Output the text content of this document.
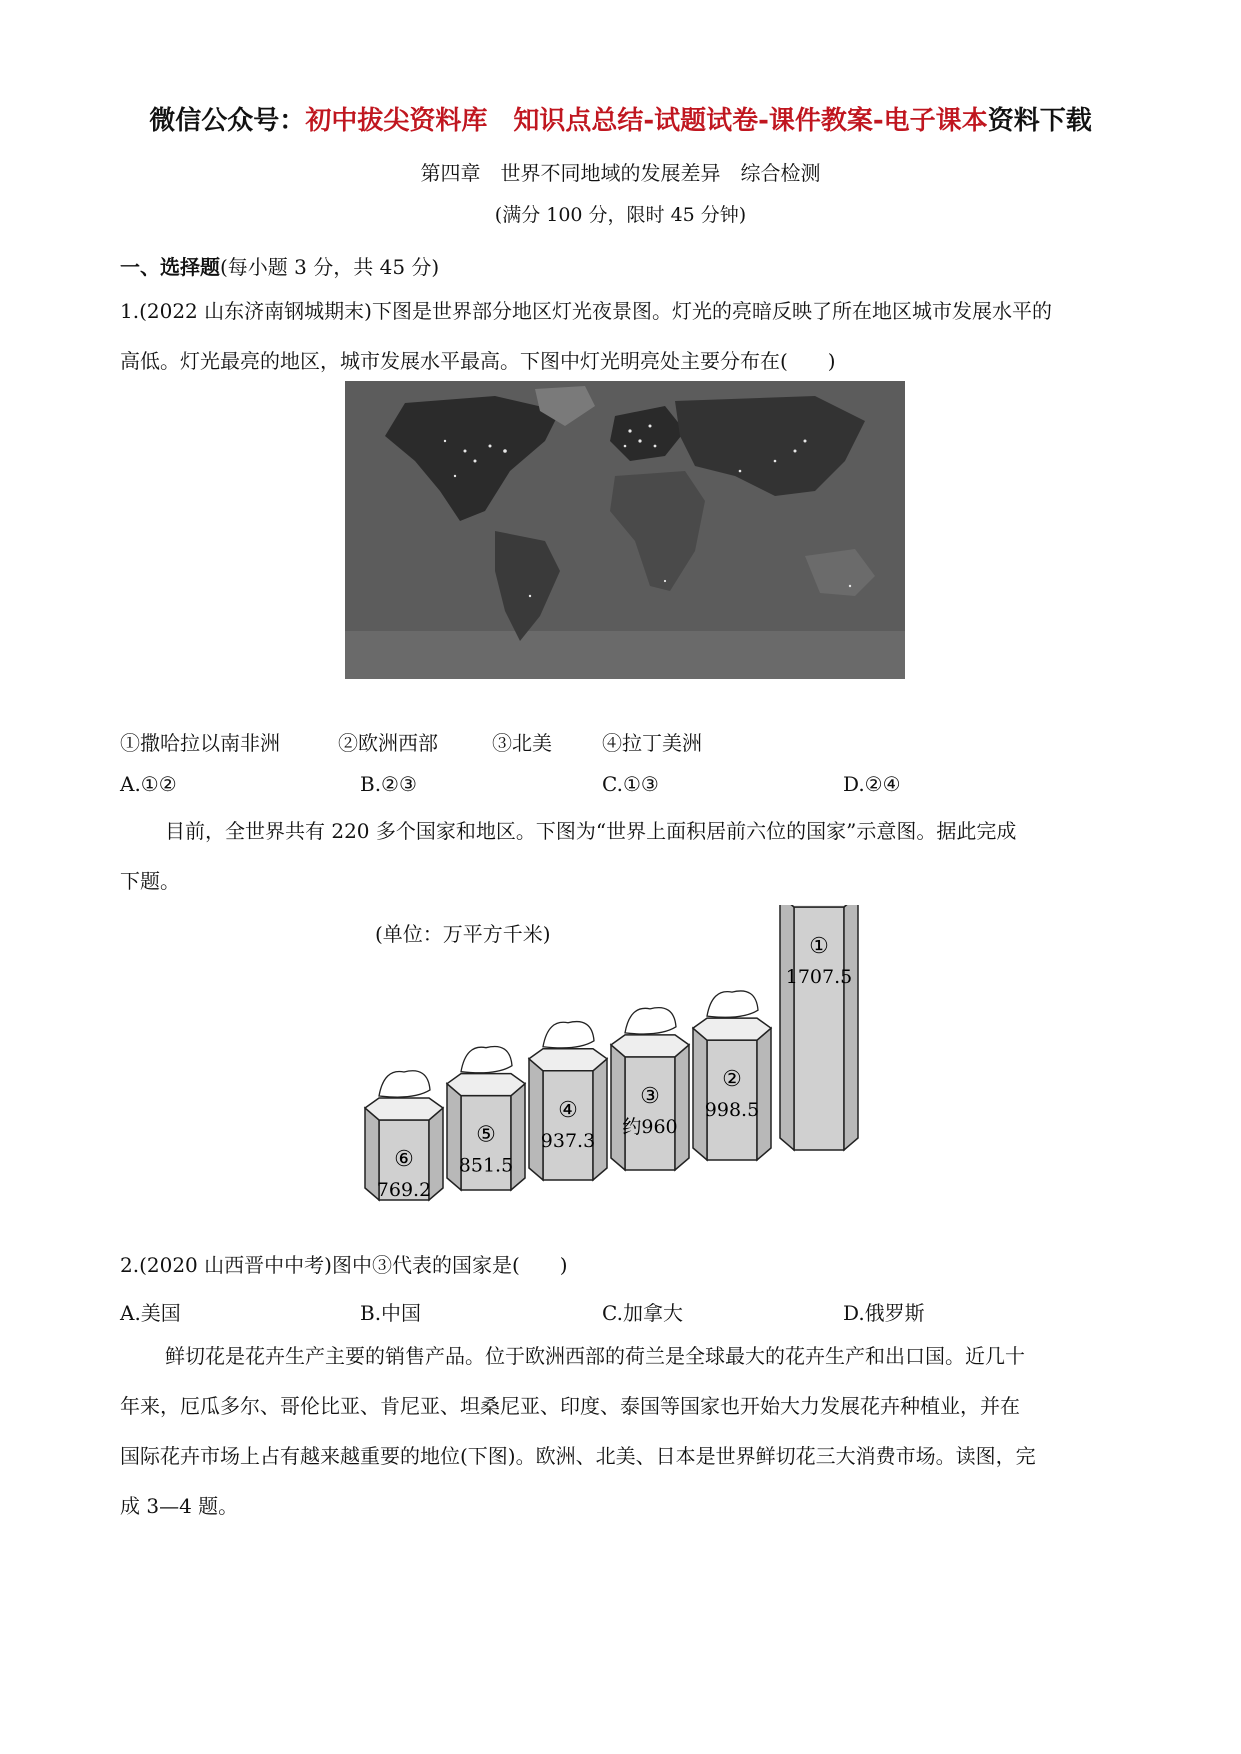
微信公众号：初中拔尖资料库　知识点总结-试题试卷-课件教案-电子课本资料下载
第四章　世界不同地域的发展差异　综合检测
(满分 100 分，限时 45 分钟)
一、选择题(每小题 3 分，共 45 分)
1.(2022 山东济南钢城期末)下图是世界部分地区灯光夜景图。灯光的亮暗反映了所在地区城市发展水平的
高低。灯光最亮的地区，城市发展水平最高。下图中灯光明亮处主要分布在(　　)
①撒哈拉以南非洲	②欧洲西部	③北美	④拉丁美洲
A.①②	B.②③	C.①③	D.②④
目前，全世界共有 220 多个国家和地区。下图为“世界上面积居前六位的国家”示意图。据此完成
下题。
(单位：万平方千米)
⑥
769.2
⑤
851.5
④
937.3
③
约960
②
998.5
①
1707.5
2.(2020 山西晋中中考)图中③代表的国家是(　　)
A.美国	B.中国	C.加拿大	D.俄罗斯
鲜切花是花卉生产主要的销售产品。位于欧洲西部的荷兰是全球最大的花卉生产和出口国。近几十
年来，厄瓜多尔、哥伦比亚、肯尼亚、坦桑尼亚、印度、泰国等国家也开始大力发展花卉种植业，并在
国际花卉市场上占有越来越重要的地位(下图)。欧洲、北美、日本是世界鲜切花三大消费市场。读图，完
成 3—4 题。
